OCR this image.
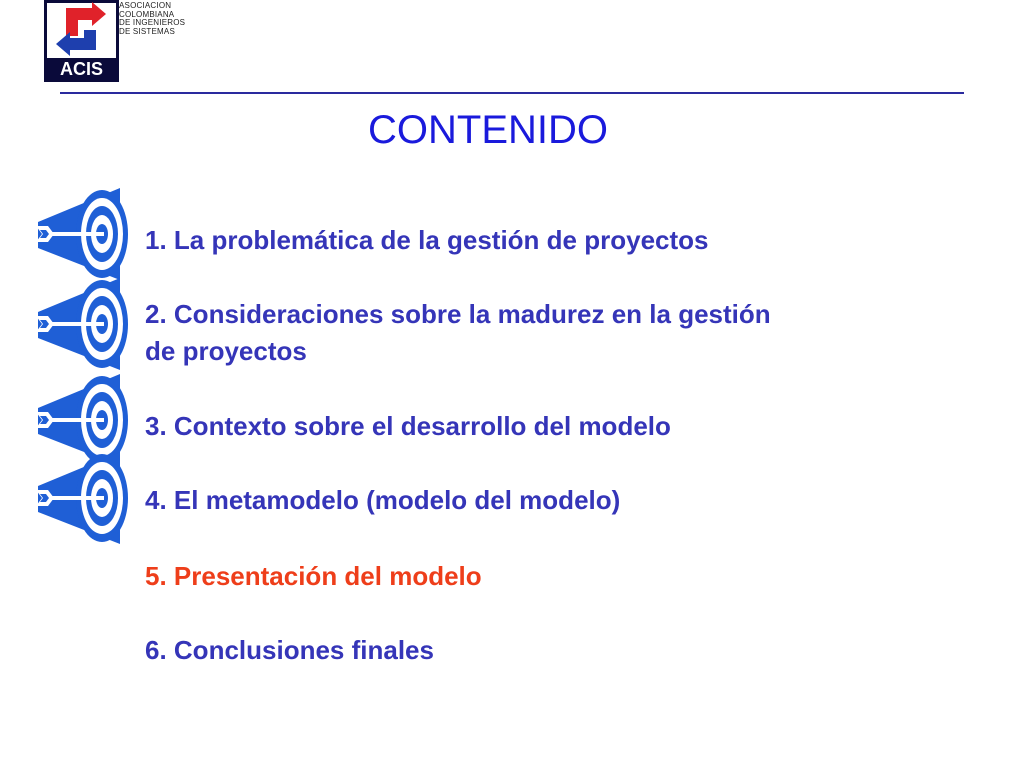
ACIS
ASOCIACION
COLOMBIANA
DE INGENIEROS
DE SISTEMAS
CONTENIDO
1. La problemática de la gestión de proyectos
2. Consideraciones sobre la madurez en la gestión de proyectos
3. Contexto sobre el desarrollo del modelo
4. El metamodelo (modelo del modelo)
5. Presentación del modelo
6. Conclusiones finales
